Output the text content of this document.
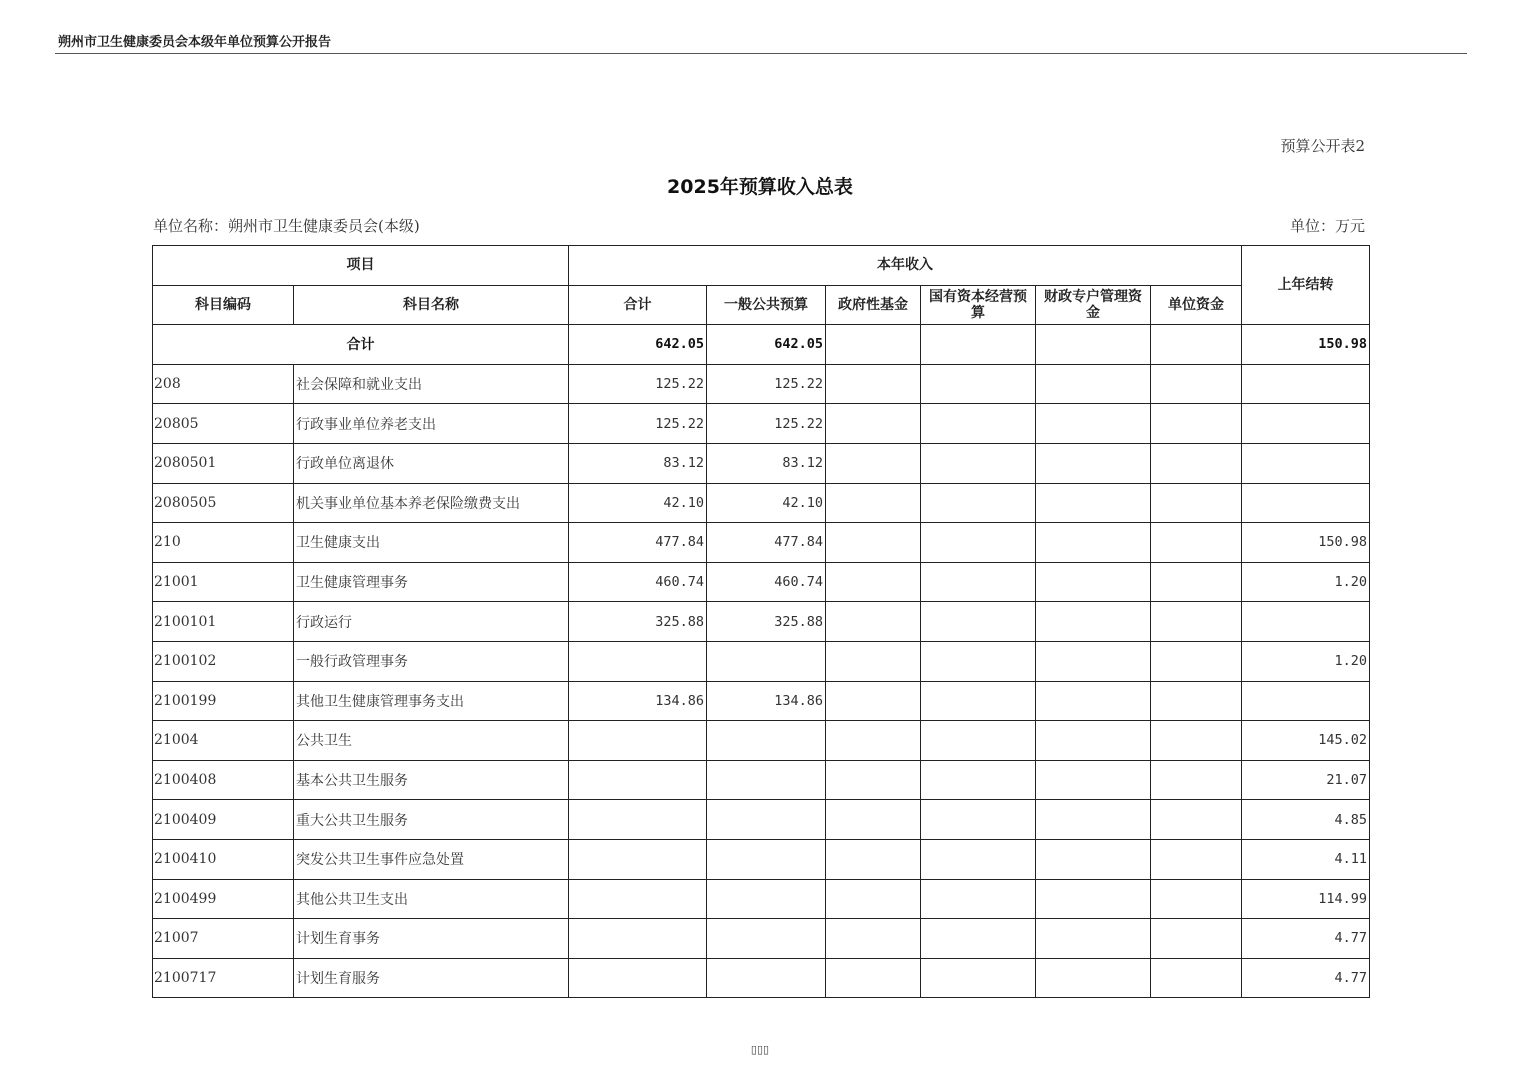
朔州市卫生健康委员会本级年单位预算公开报告
预算公开表2
2025年预算收入总表
单位名称：朔州市卫生健康委员会(本级)	单位：万元
项目		本年收入						上年结转
科目编码	科目名称	合计	一般公共预算	政府性基金	国有资本经营预算	财政专户管理资金	单位资金	
合计		642.05	642.05					150.98
208	社会保障和就业支出	125.22	125.22					
20805	行政事业单位养老支出	125.22	125.22					
2080501	行政单位离退休	83.12	83.12					
2080505	机关事业单位基本养老保险缴费支出	42.10	42.10					
210	卫生健康支出	477.84	477.84					150.98
21001	卫生健康管理事务	460.74	460.74					1.20
2100101	行政运行	325.88	325.88					
2100102	一般行政管理事务							1.20
2100199	其他卫生健康管理事务支出	134.86	134.86					
21004	公共卫生							145.02
2100408	基本公共卫生服务							21.07
2100409	重大公共卫生服务							4.85
2100410	突发公共卫生事件应急处置							4.11
2100499	其他公共卫生支出							114.99
21007	计划生育事务							4.77
2100717	计划生育服务							4.77
▯▯▯
